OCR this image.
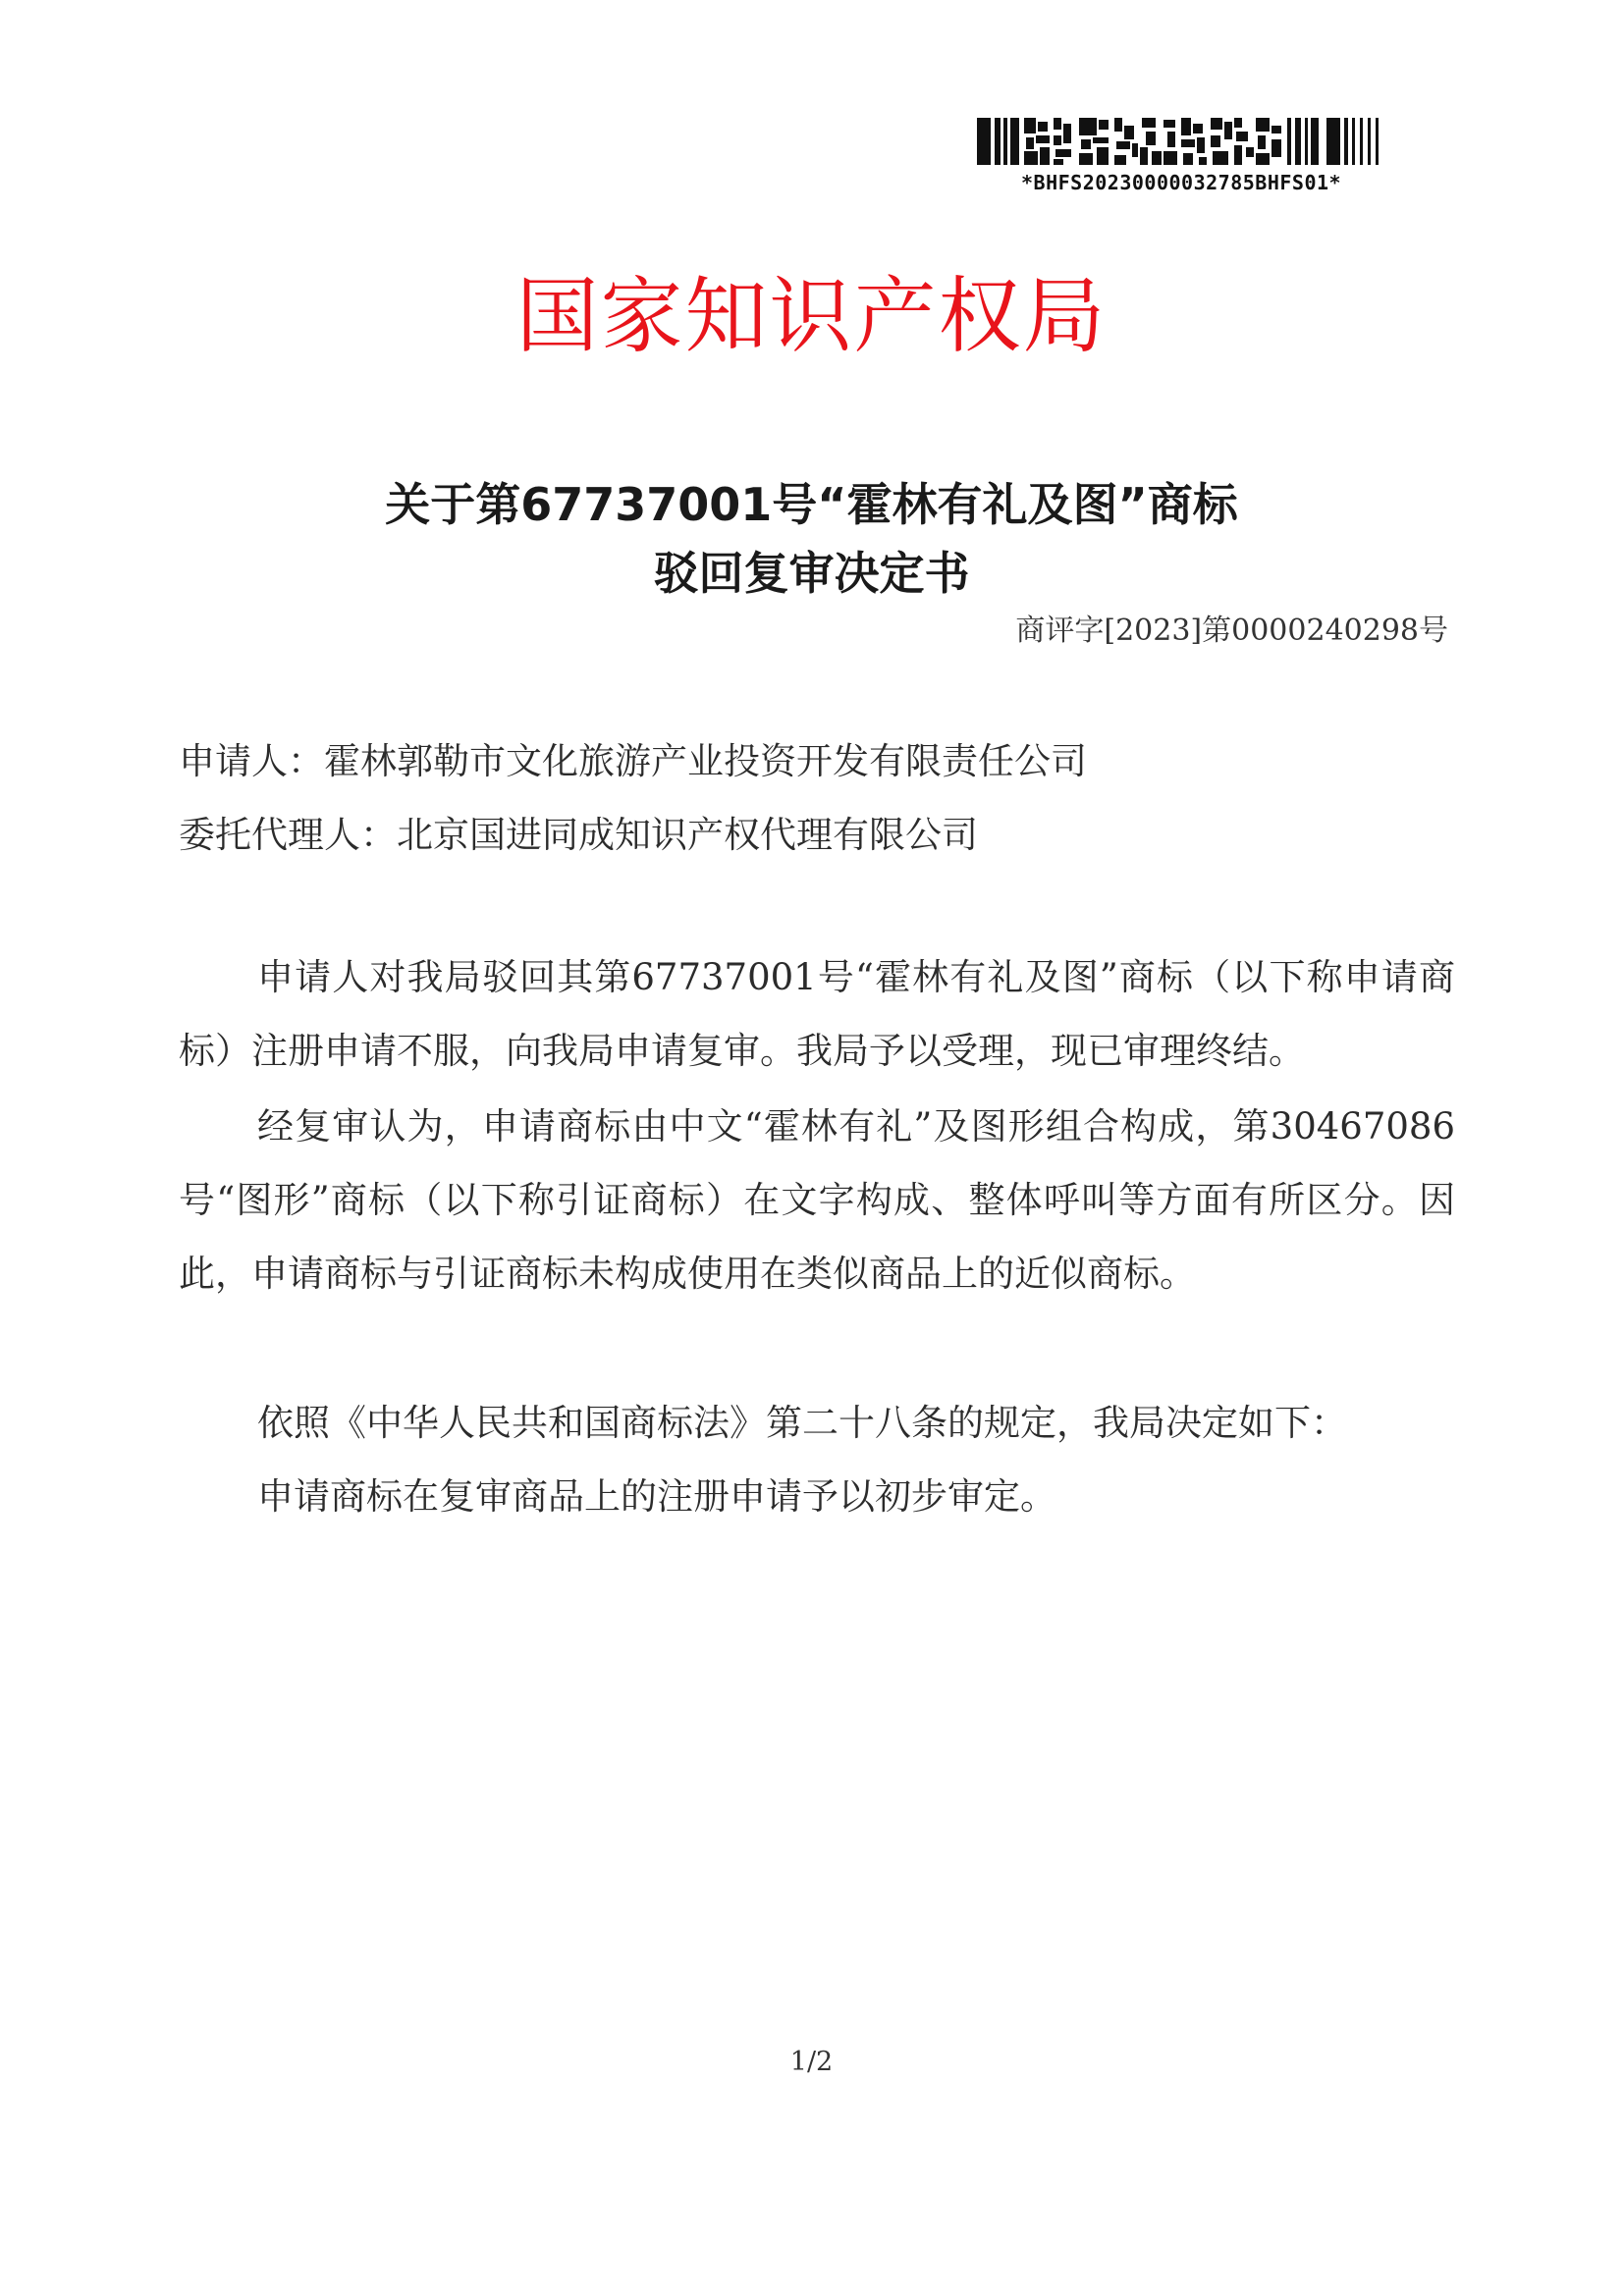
*BHFS20230000032785BHFS01*
国家知识产权局
关于第67737001号“霍林有礼及图”商标
驳回复审决定书
商评字[2023]第0000240298号
申请人：霍林郭勒市文化旅游产业投资开发有限责任公司
委托代理人：北京国进同成知识产权代理有限公司
申请人对我局驳回其第67737001号“霍林有礼及图”商标（以下称申请商标）注册申请不服，向我局申请复审。我局予以受理，现已审理终结。
经复审认为，申请商标由中文“霍林有礼”及图形组合构成，第30467086号“图形”商标（以下称引证商标）在文字构成、整体呼叫等方面有所区分。因此，申请商标与引证商标未构成使用在类似商品上的近似商标。
依照《中华人民共和国商标法》第二十八条的规定，我局决定如下：
申请商标在复审商品上的注册申请予以初步审定。
1/2
